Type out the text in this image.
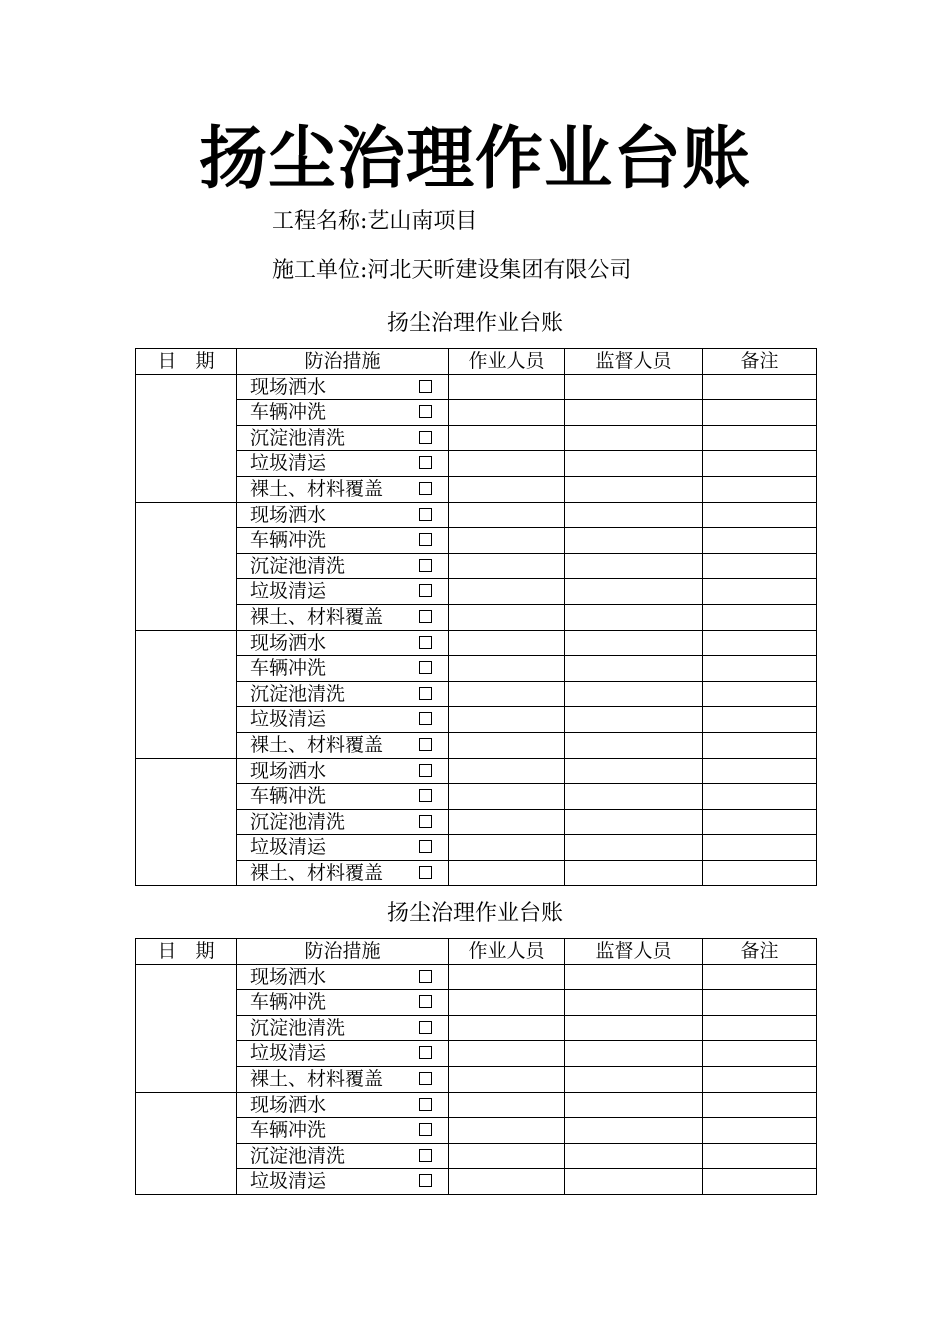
扬尘治理作业台账
工程名称:艺山南项目
施工单位:河北天昕建设集团有限公司
扬尘治理作业台账
日　期	防治措施	作业人员	监督人员	备注

	现场洒水			

	车辆冲洗			

	沉淀池清洗			

	垃圾清运			

	裸土、材料覆盖			

	现场洒水			

	车辆冲洗			

	沉淀池清洗			

	垃圾清运			

	裸土、材料覆盖			

	现场洒水			

	车辆冲洗			

	沉淀池清洗			

	垃圾清运			

	裸土、材料覆盖			

	现场洒水			

	车辆冲洗			

	沉淀池清洗			

	垃圾清运			

	裸土、材料覆盖			

扬尘治理作业台账
日　期	防治措施	作业人员	监督人员	备注

	现场洒水			

	车辆冲洗			

	沉淀池清洗			

	垃圾清运			

	裸土、材料覆盖			

	现场洒水			

	车辆冲洗			

	沉淀池清洗			

	垃圾清运			
